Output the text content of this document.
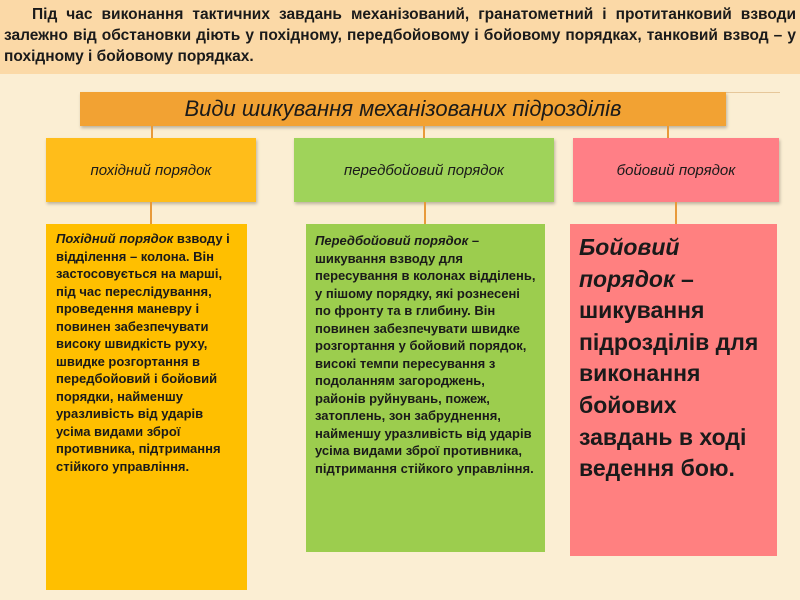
Під час виконання тактичних завдань механізований, гранатометний і протитанковий взводи залежно від обстановки діють у похідному, передбойовому і бойовому порядках, танковий взвод – у похідному і бойовому порядках.

Види шикування механізованих підрозділів
похідний порядок	передбойовий порядок	бойовий порядок
Похідний порядок взводу і відділення – колона. Він застосовується на марші, під час переслідування, проведення маневру і повинен забезпечувати високу швидкість руху, швидке розгортання в передбойовий і бойовий порядки, найменшу уразливість від ударів усіма видами зброї противника, підтримання стійкого управління.
Передбойовий порядок – шикування взводу для пересування в колонах відділень, у пішому порядку, які рознесені по фронту та в глибину. Він повинен забезпечувати швидке розгортання у бойовий порядок, високі темпи пересування з подоланням загороджень, районів руйнувань, пожеж, затоплень, зон забруднення, найменшу уразливість від ударів усіма видами зброї противника, підтримання стійкого управління.
Бойовий порядок – шикування підрозділів для виконання бойових завдань в ході ведення бою.
